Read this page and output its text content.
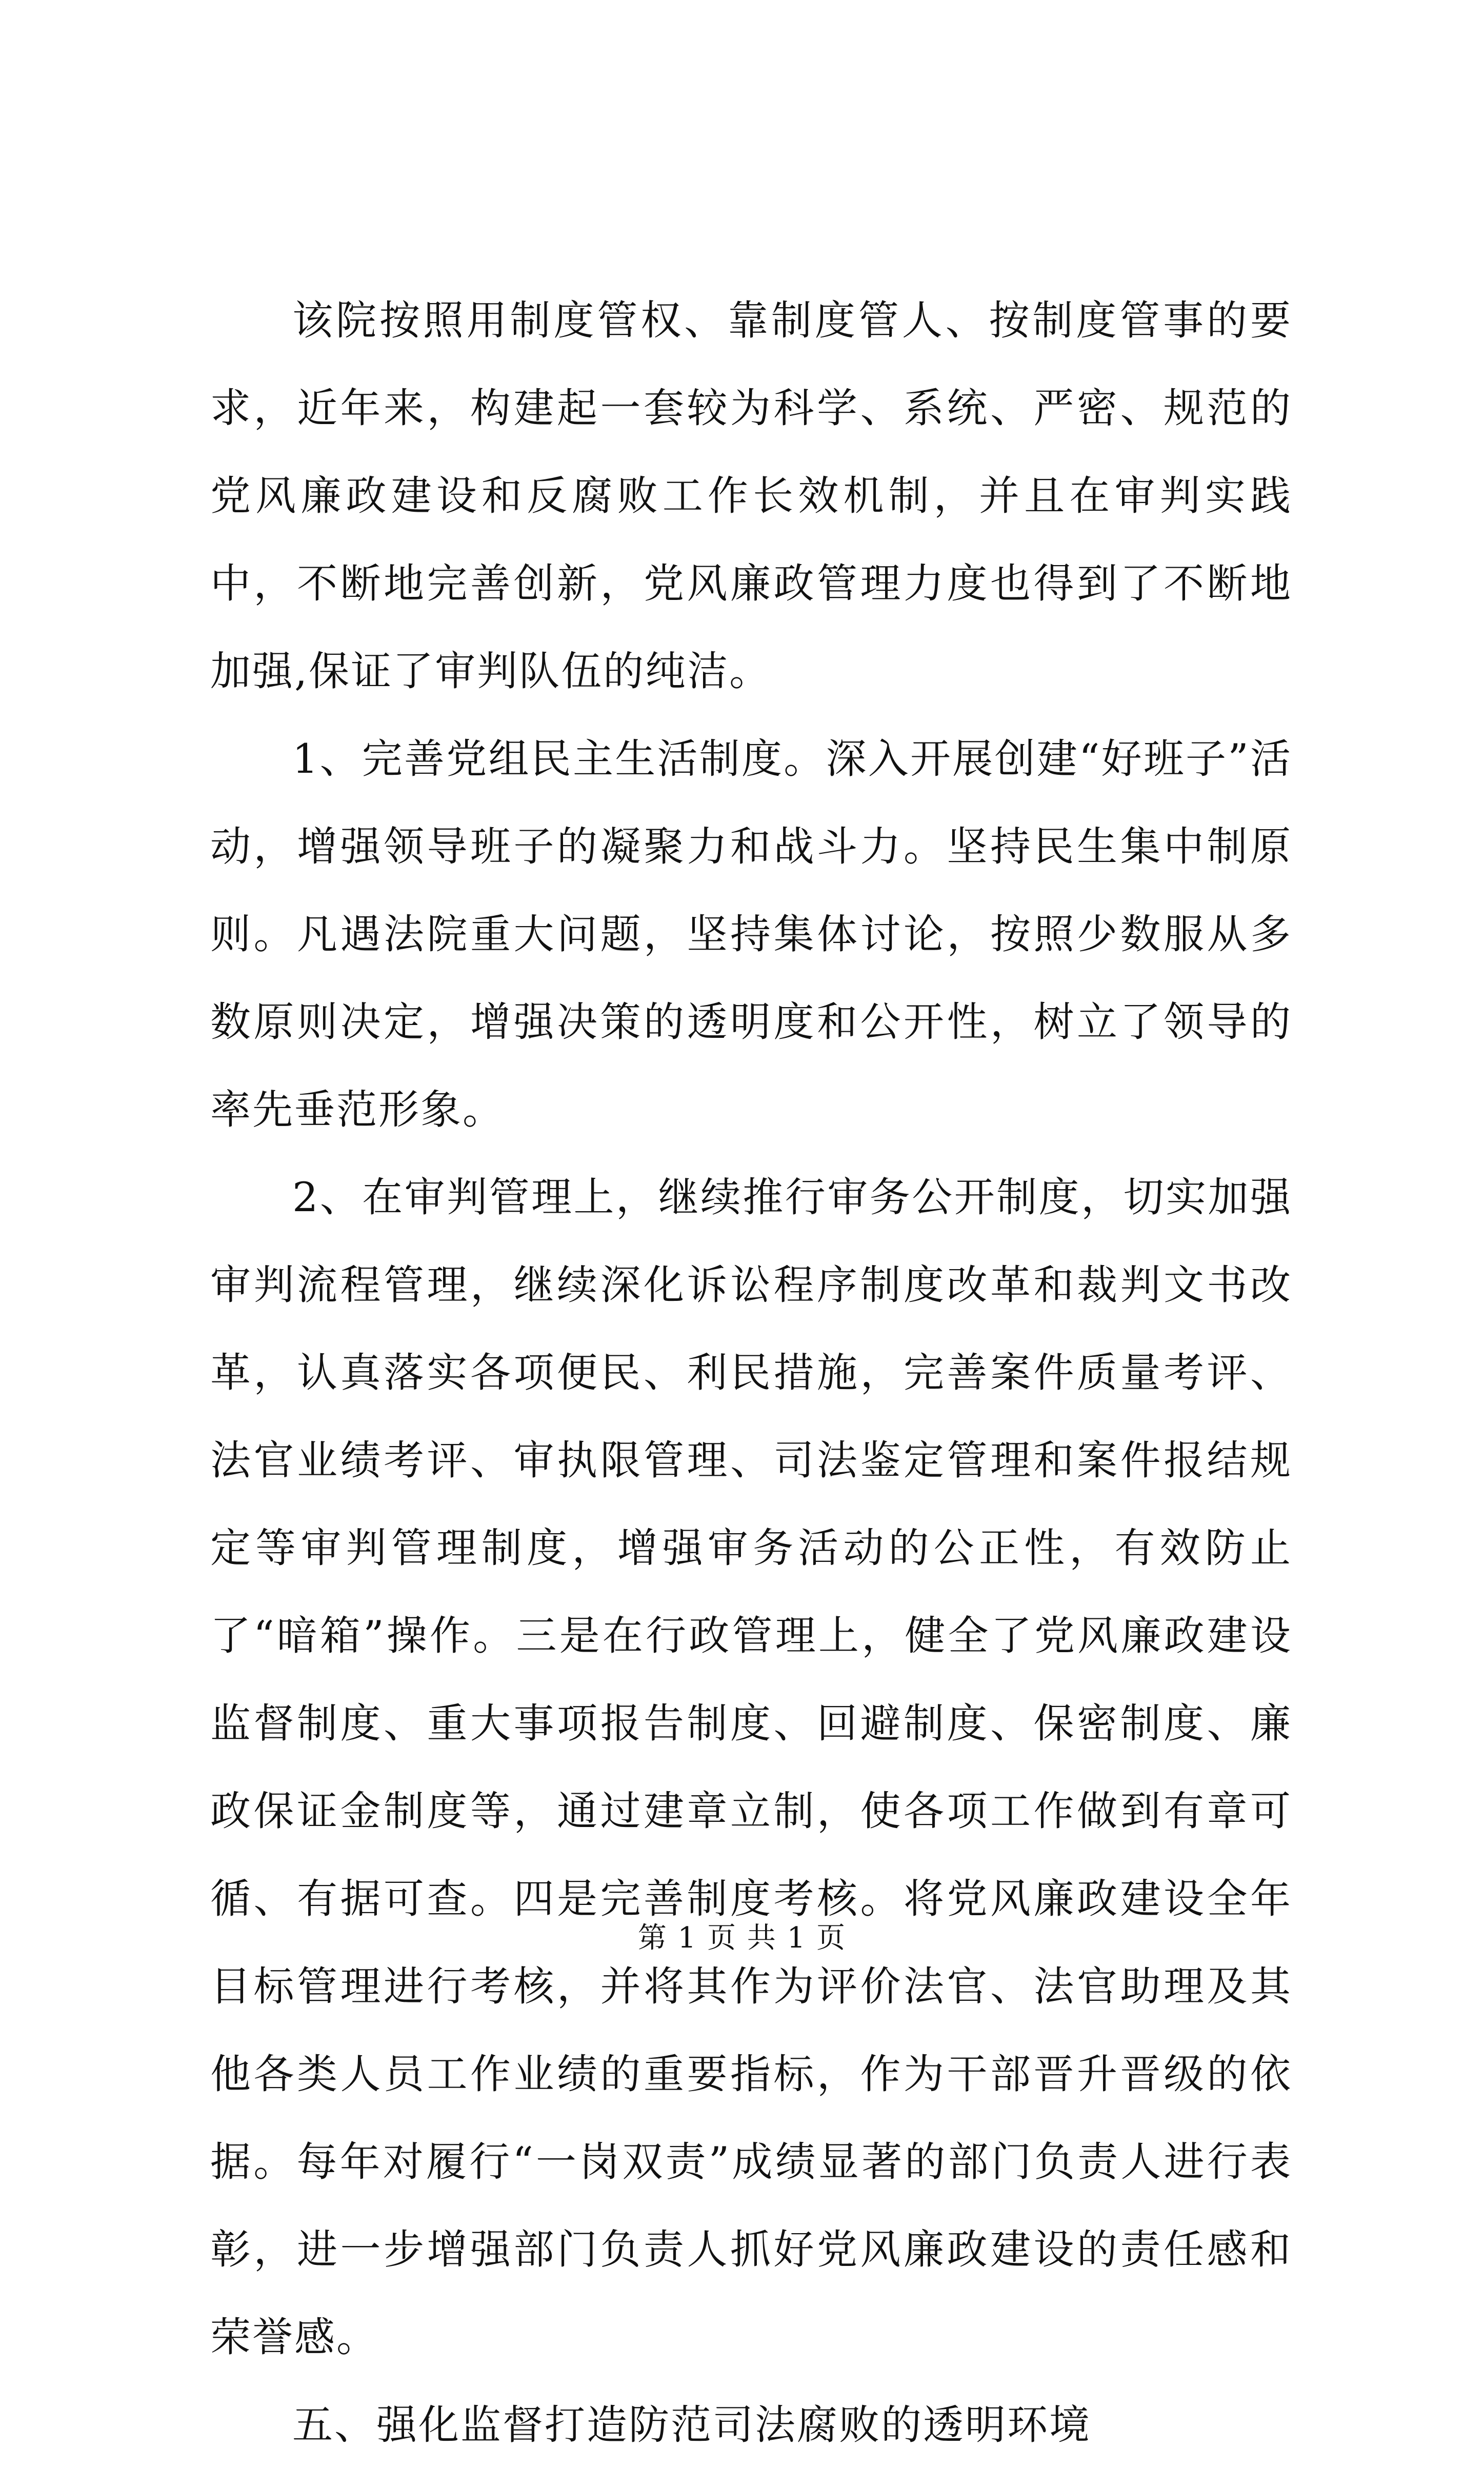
该院按照用制度管权、靠制度管人、按制度管事的要求，近年来，构建起一套较为科学、系统、严密、规范的党风廉政建设和反腐败工作长效机制，并且在审判实践中，不断地完善创新，党风廉政管理力度也得到了不断地加强,保证了审判队伍的纯洁。

1、完善党组民主生活制度。深入开展创建“好班子”活动，增强领导班子的凝聚力和战斗力。坚持民生集中制原则。凡遇法院重大问题，坚持集体讨论，按照少数服从多数原则决定，增强决策的透明度和公开性，树立了领导的率先垂范形象。

2、在审判管理上，继续推行审务公开制度，切实加强审判流程管理，继续深化诉讼程序制度改革和裁判文书改革，认真落实各项便民、利民措施，完善案件质量考评、法官业绩考评、审执限管理、司法鉴定管理和案件报结规定等审判管理制度，增强审务活动的公正性，有效防止了“暗箱”操作。三是在行政管理上，健全了党风廉政建设监督制度、重大事项报告制度、回避制度、保密制度、廉政保证金制度等，通过建章立制，使各项工作做到有章可循、有据可查。四是完善制度考核。将党风廉政建设全年目标管理进行考核，并将其作为评价法官、法官助理及其他各类人员工作业绩的重要指标，作为干部晋升晋级的依据。每年对履行“一岗双责”成绩显著的部门负责人进行表彰，进一步增强部门负责人抓好党风廉政建设的责任感和荣誉感。

五、强化监督打造防范司法腐败的透明环境

第 1 页 共 1 页
